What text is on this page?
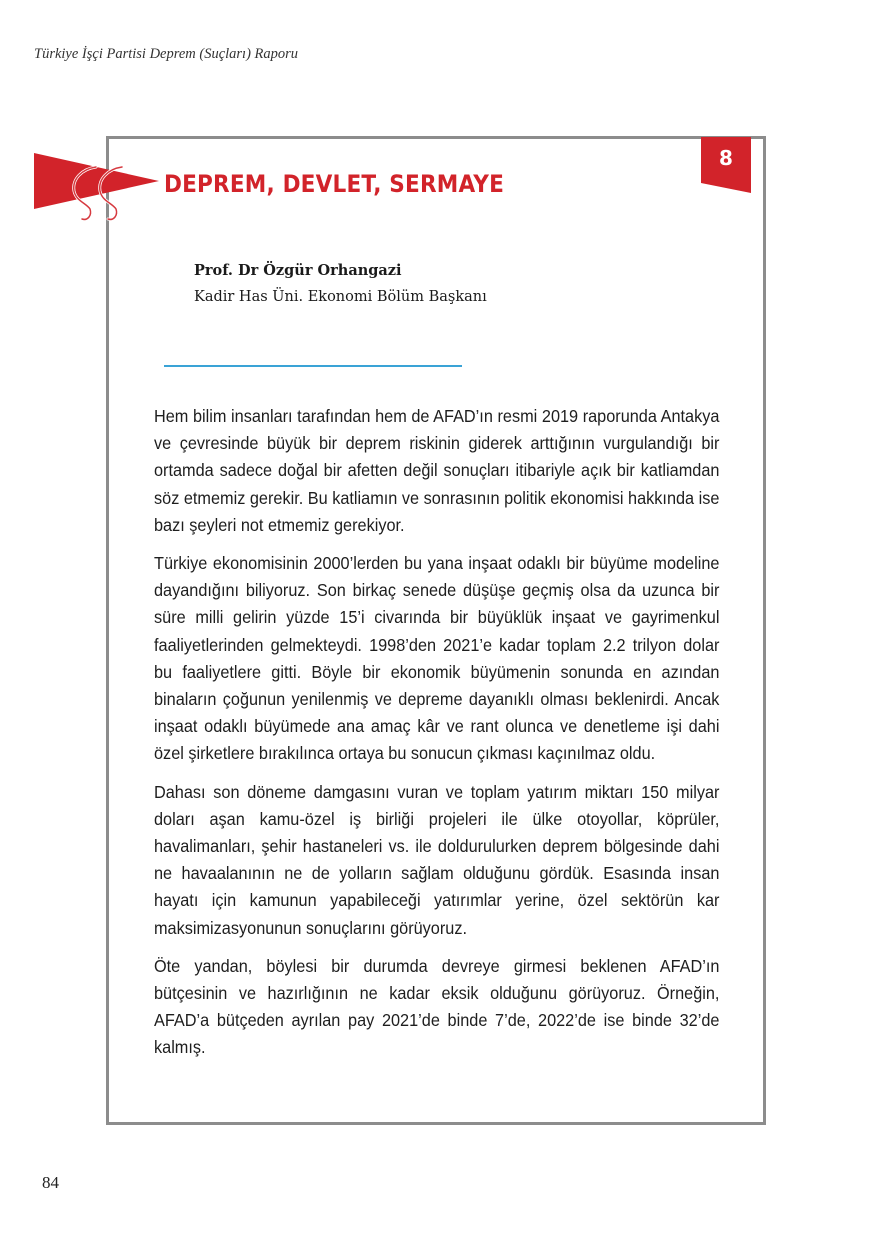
Türkiye İşçi Partisi Deprem (Suçları) Raporu
DEPREM, DEVLET, SERMAYE
8
Prof. Dr Özgür Orhangazi
Kadir Has Üni. Ekonomi Bölüm Başkanı

Hem bilim insanları tarafından hem de AFAD’ın resmi 2019 raporunda Antakya ve çevresinde büyük bir deprem riskinin giderek arttığının vurgulandığı bir ortamda sadece doğal bir afetten değil sonuçları itibariyle açık bir katliamdan söz etmemiz gerekir. Bu katliamın ve sonrasının politik ekonomisi hakkında ise bazı şeyleri not etmemiz gerekiyor.

Türkiye ekonomisinin 2000’lerden bu yana inşaat odaklı bir büyüme modeline dayandığını biliyoruz. Son birkaç senede düşüşe geçmiş olsa da uzunca bir süre milli gelirin yüzde 15’i civarında bir büyüklük inşaat ve gayrimenkul faaliyetlerinden gelmekteydi. 1998’den 2021’e kadar toplam 2.2 trilyon dolar bu faaliyetlere gitti. Böyle bir ekonomik büyümenin sonunda en azından binaların çoğunun yenilenmiş ve depreme dayanıklı olması beklenirdi. Ancak inşaat odaklı büyümede ana amaç kâr ve rant olunca ve denetleme işi dahi özel şirketlere bırakılınca ortaya bu sonucun çıkması kaçınılmaz oldu.

Dahası son döneme damgasını vuran ve toplam yatırım miktarı 150 milyar doları aşan kamu-özel iş birliği projeleri ile ülke otoyollar, köprüler, havalimanları, şehir hastaneleri vs. ile doldurulurken deprem bölgesinde dahi ne havaalanının ne de yolların sağlam olduğunu gördük. Esasında insan hayatı için kamunun yapabileceği yatırımlar yerine, özel sektörün kar maksimizasyonunun sonuçlarını görüyoruz.

Öte yandan, böylesi bir durumda devreye girmesi beklenen AFAD’ın bütçesinin ve hazırlığının ne kadar eksik olduğunu görüyoruz. Örneğin, AFAD’a bütçeden ayrılan pay 2021’de binde 7’de, 2022’de ise binde 32’de kalmış.

84
